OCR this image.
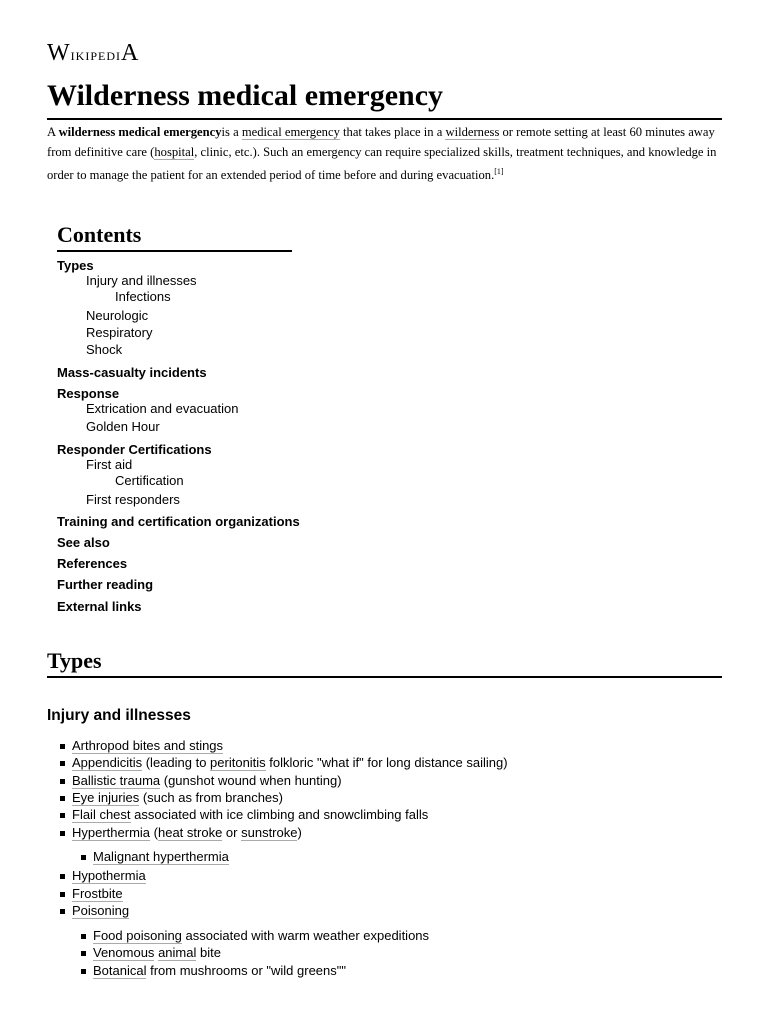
WikipediA
Wilderness medical emergency

A wilderness medical emergencyis a medical emergency that takes place in a wilderness or remote setting at least 60 minutes away from definitive care (hospital, clinic, etc.). Such an emergency can require specialized skills, treatment techniques, and knowledge in order to manage the patient for an extended period of time before and during evacuation.[1]

Contents
Types
Injury and illnesses
Infections
Neurologic
Respiratory
Shock
Mass-casualty incidents
Response
Extrication and evacuation
Golden Hour
Responder Certifications
First aid
Certification
First responders
Training and certification organizations
See also
References
Further reading
External links
Types
Injury and illnesses
Arthropod bites and stings
Appendicitis (leading to peritonitis folkloric "what if" for long distance sailing)
Ballistic trauma (gunshot wound when hunting)
Eye injuries (such as from branches)
Flail chest associated with ice climbing and snowclimbing falls
Hyperthermia (heat stroke or sunstroke)
Malignant hyperthermia
Hypothermia
Frostbite
Poisoning
Food poisoning associated with warm weather expeditions
Venomous animal bite
Botanical from mushrooms or "wild greens""
